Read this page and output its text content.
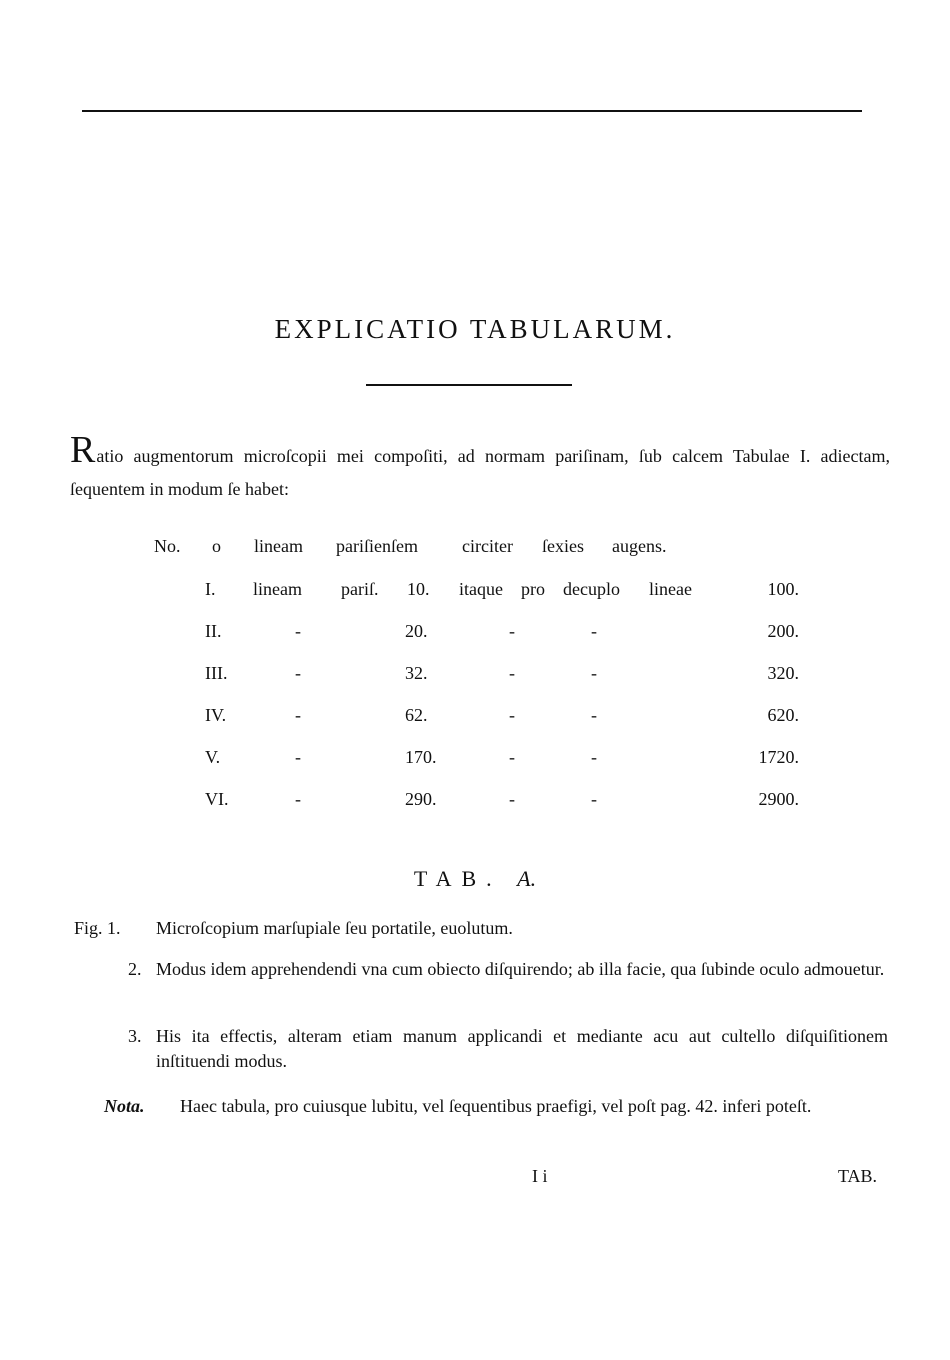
EXPLICATIO TABULARUM.
Ratio augmentorum microſcopii mei compoſiti, ad normam pariſinam, ſub calcem Tabulae I. adiectam, ſequentem in modum ſe habet:
No. o lineam pariſienſem circiter ſexies augens.
I.	lineam	pariſ.	10.	itaque	pro	decuplo	lineae	100.
II.	-	20.		-		-		200.
III.	-	32.		-		-		320.
IV.	-	62.		-		-		620.
V.	-	170.		-		-		1720.
VI.	-	290.		-		-		2900.
TAB. A.
Fig. 1. Microſcopium marſupiale ſeu portatile, euolutum.
2. Modus idem apprehendendi vna cum obiecto diſquirendo; ab illa facie, qua ſubinde oculo admouetur.
3. His ita effectis, alteram etiam manum applicandi et mediante acu aut cultello diſquiſitionem inſtituendi modus.
Nota. Haec tabula, pro cuiusque lubitu, vel ſequentibus praefigi, vel poſt pag. 42. inferi poteſt.
I i	TAB.
